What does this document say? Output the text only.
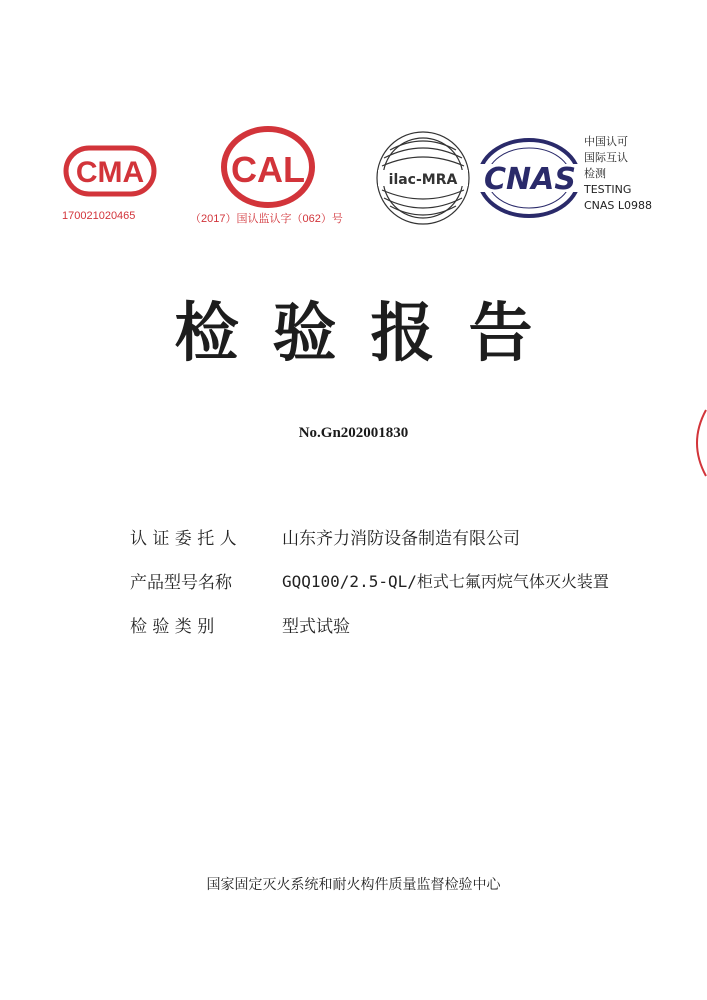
CMA
170021020465
CAL
（2017）国认监认字（062）号
ilac-MRA CNAS
中国认可
国际互认
检测
TESTING
CNAS L0988
检验报告
No.Gn202001830
认 证 委 托 人	山东齐力消防设备制造有限公司
产品型号名称	GQQ100/2.5-QL/柜式七氟丙烷气体灭火装置
检 验 类 别	型式试验
国家固定灭火系统和耐火构件质量监督检验中心
